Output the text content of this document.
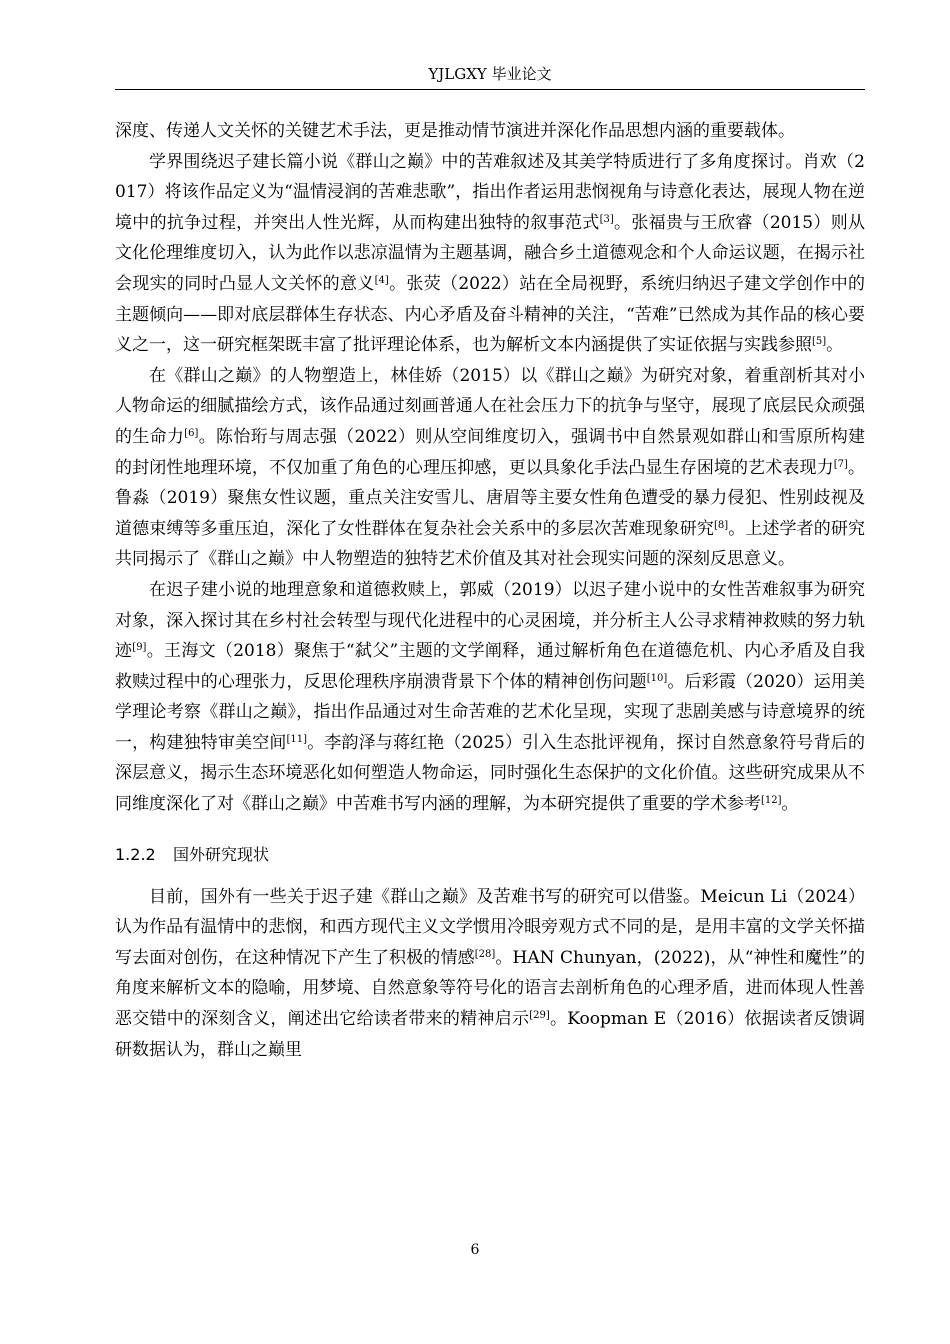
YJLGXY 毕业论文

深度、传递人文关怀的关键艺术手法，更是推动情节演进并深化作品思想内涵的重要载体。

学界围绕迟子建长篇小说《群山之巅》中的苦难叙述及其美学特质进行了多角度探讨。肖欢（2017）将该作品定义为“温情浸润的苦难悲歌”，指出作者运用悲悯视角与诗意化表达，展现人物在逆境中的抗争过程，并突出人性光辉，从而构建出独特的叙事范式[3]。张福贵与王欣睿（2015）则从文化伦理维度切入，认为此作以悲凉温情为主题基调，融合乡土道德观念和个人命运议题，在揭示社会现实的同时凸显人文关怀的意义[4]。张荧（2022）站在全局视野，系统归纳迟子建文学创作中的主题倾向——即对底层群体生存状态、内心矛盾及奋斗精神的关注，“苦难”已然成为其作品的核心要义之一，这一研究框架既丰富了批评理论体系，也为解析文本内涵提供了实证依据与实践参照[5]。

在《群山之巅》的人物塑造上，林佳娇（2015）以《群山之巅》为研究对象，着重剖析其对小人物命运的细腻描绘方式，该作品通过刻画普通人在社会压力下的抗争与坚守，展现了底层民众顽强的生命力[6]。陈怡珩与周志强（2022）则从空间维度切入，强调书中自然景观如群山和雪原所构建的封闭性地理环境，不仅加重了角色的心理压抑感，更以具象化手法凸显生存困境的艺术表现力[7]。鲁淼（2019）聚焦女性议题，重点关注安雪儿、唐眉等主要女性角色遭受的暴力侵犯、性别歧视及道德束缚等多重压迫，深化了女性群体在复杂社会关系中的多层次苦难现象研究[8]。上述学者的研究共同揭示了《群山之巅》中人物塑造的独特艺术价值及其对社会现实问题的深刻反思意义。

在迟子建小说的地理意象和道德救赎上，郭威（2019）以迟子建小说中的女性苦难叙事为研究对象，深入探讨其在乡村社会转型与现代化进程中的心灵困境，并分析主人公寻求精神救赎的努力轨迹[9]。王海文（2018）聚焦于“弑父”主题的文学阐释，通过解析角色在道德危机、内心矛盾及自我救赎过程中的心理张力，反思伦理秩序崩溃背景下个体的精神创伤问题[10]。后彩霞（2020）运用美学理论考察《群山之巅》，指出作品通过对生命苦难的艺术化呈现，实现了悲剧美感与诗意境界的统一，构建独特审美空间[11]。李韵泽与蒋红艳（2025）引入生态批评视角，探讨自然意象符号背后的深层意义，揭示生态环境恶化如何塑造人物命运，同时强化生态保护的文化价值。这些研究成果从不同维度深化了对《群山之巅》中苦难书写内涵的理解，为本研究提供了重要的学术参考[12]。

1.2.2 国外研究现状

目前，国外有一些关于迟子建《群山之巅》及苦难书写的研究可以借鉴。Meicun Li（2024）认为作品有温情中的悲悯，和西方现代主义文学惯用冷眼旁观方式不同的是，是用丰富的文学关怀描写去面对创伤，在这种情况下产生了积极的情感[28]。HAN Chunyan，(2022)，从“神性和魔性”的角度来解析文本的隐喻，用梦境、自然意象等符号化的语言去剖析角色的心理矛盾，进而体现人性善恶交错中的深刻含义，阐述出它给读者带来的精神启示[29]。Koopman E（2016）依据读者反馈调研数据认为，群山之巅里

6
